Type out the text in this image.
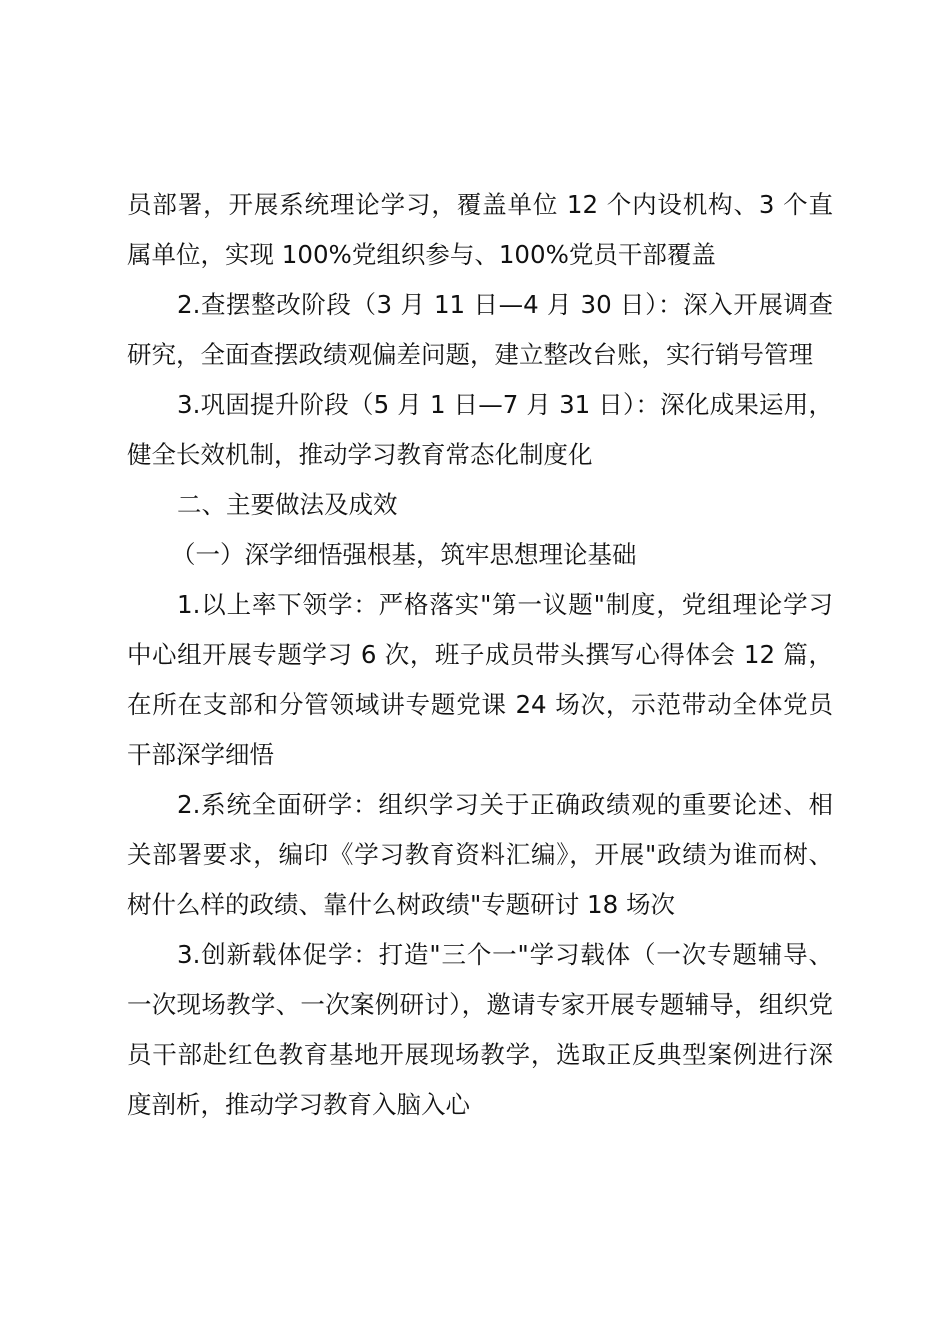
员部署，开展系统理论学习，覆盖单位 12 个内设机构、3 个直属单位，实现 100%党组织参与、100%党员干部覆盖

2.查摆整改阶段（3 月 11 日—4 月 30 日）：深入开展调查研究，全面查摆政绩观偏差问题，建立整改台账，实行销号管理

3.巩固提升阶段（5 月 1 日—7 月 31 日）：深化成果运用，健全长效机制，推动学习教育常态化制度化

二、主要做法及成效

（一）深学细悟强根基，筑牢思想理论基础

1.以上率下领学：严格落实"第一议题"制度，党组理论学习中心组开展专题学习 6 次，班子成员带头撰写心得体会 12 篇，在所在支部和分管领域讲专题党课 24 场次，示范带动全体党员干部深学细悟

2.系统全面研学：组织学习关于正确政绩观的重要论述、相关部署要求，编印《学习教育资料汇编》，开展"政绩为谁而树、树什么样的政绩、靠什么树政绩"专题研讨 18 场次

3.创新载体促学：打造"三个一"学习载体（一次专题辅导、一次现场教学、一次案例研讨），邀请专家开展专题辅导，组织党员干部赴红色教育基地开展现场教学，选取正反典型案例进行深度剖析，推动学习教育入脑入心
